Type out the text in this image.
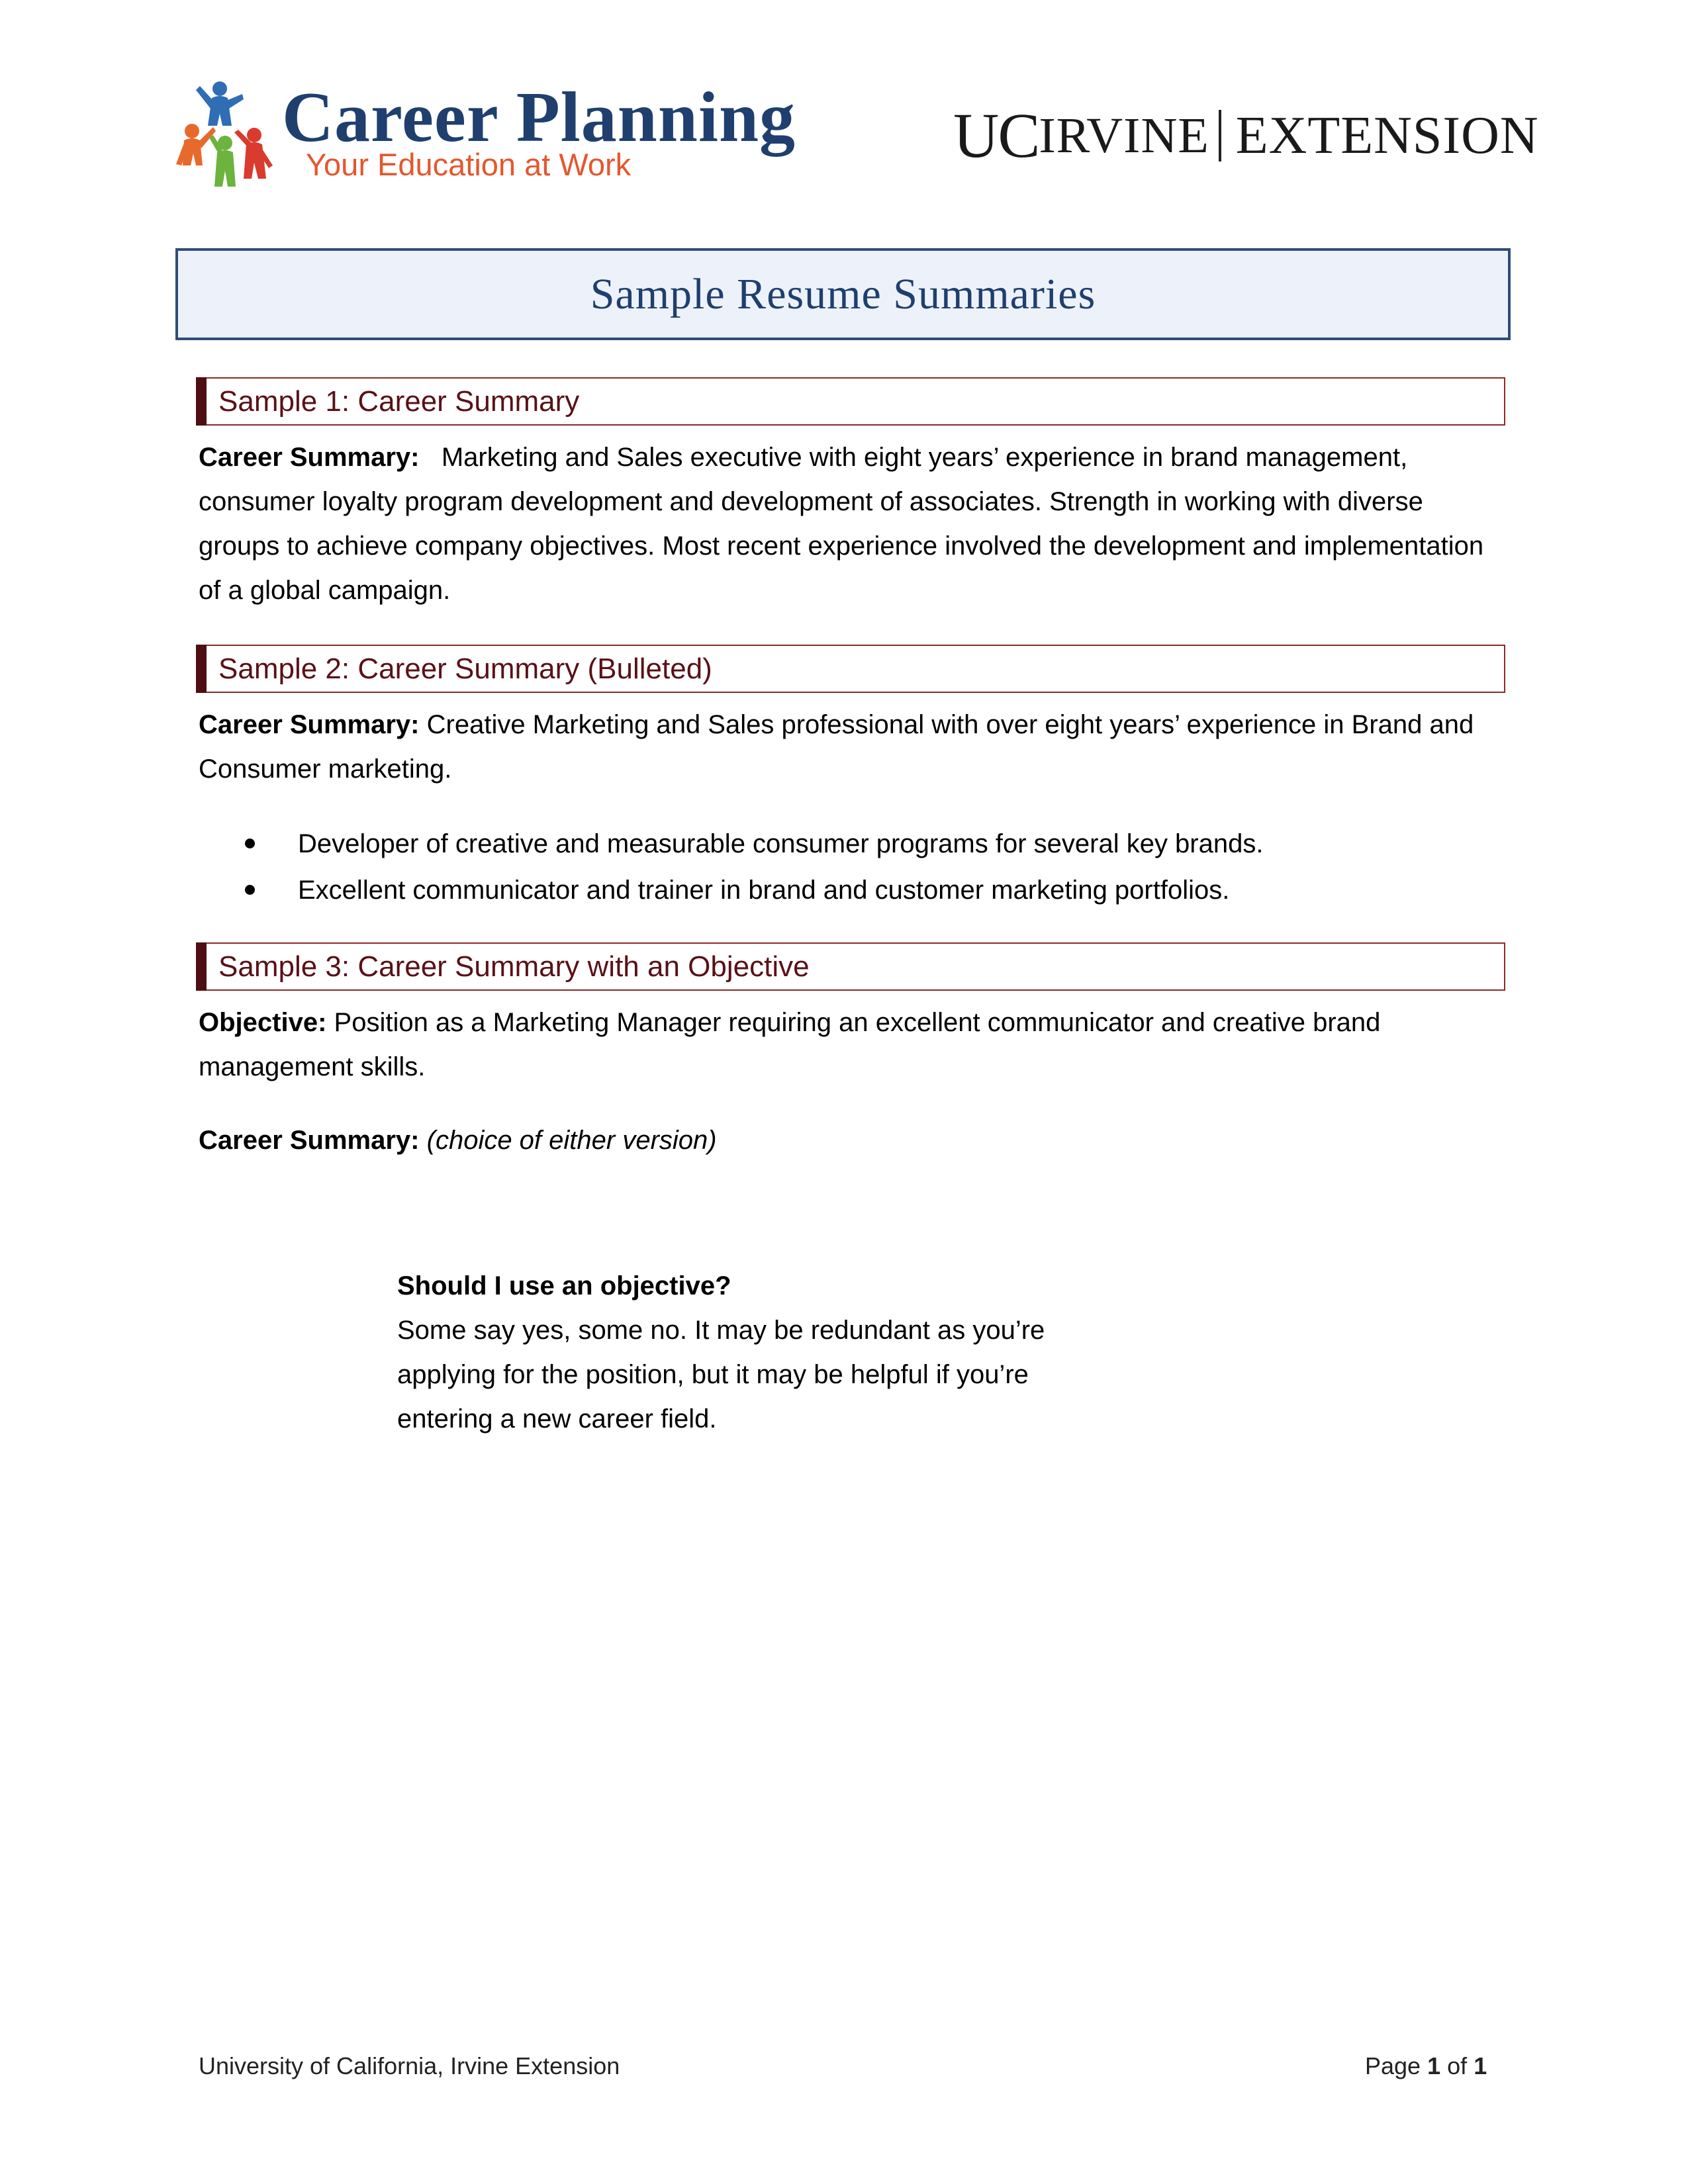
Career Planning

Your Education at Work	UC IRVINE EXTENSION
Sample Resume Summaries
Sample 1: Career Summary

Career Summary: Marketing and Sales executive with eight years’ experience in brand management, consumer loyalty program development and development of associates. Strength in working with diverse groups to achieve company objectives. Most recent experience involved the development and implementation of a global campaign.

Sample 2: Career Summary (Bulleted)

Career Summary: Creative Marketing and Sales professional with over eight years’ experience in Brand and Consumer marketing.

Developer of creative and measurable consumer programs for several key brands.
Excellent communicator and trainer in brand and customer marketing portfolios.
Sample 3: Career Summary with an Objective

Objective: Position as a Marketing Manager requiring an excellent communicator and creative brand management skills.

Career Summary: (choice of either version)

Should I use an objective?
Some say yes, some no. It may be redundant as you’re applying for the position, but it may be helpful if you’re entering a new career field.

University of California, Irvine Extension	Page 1 of 1
